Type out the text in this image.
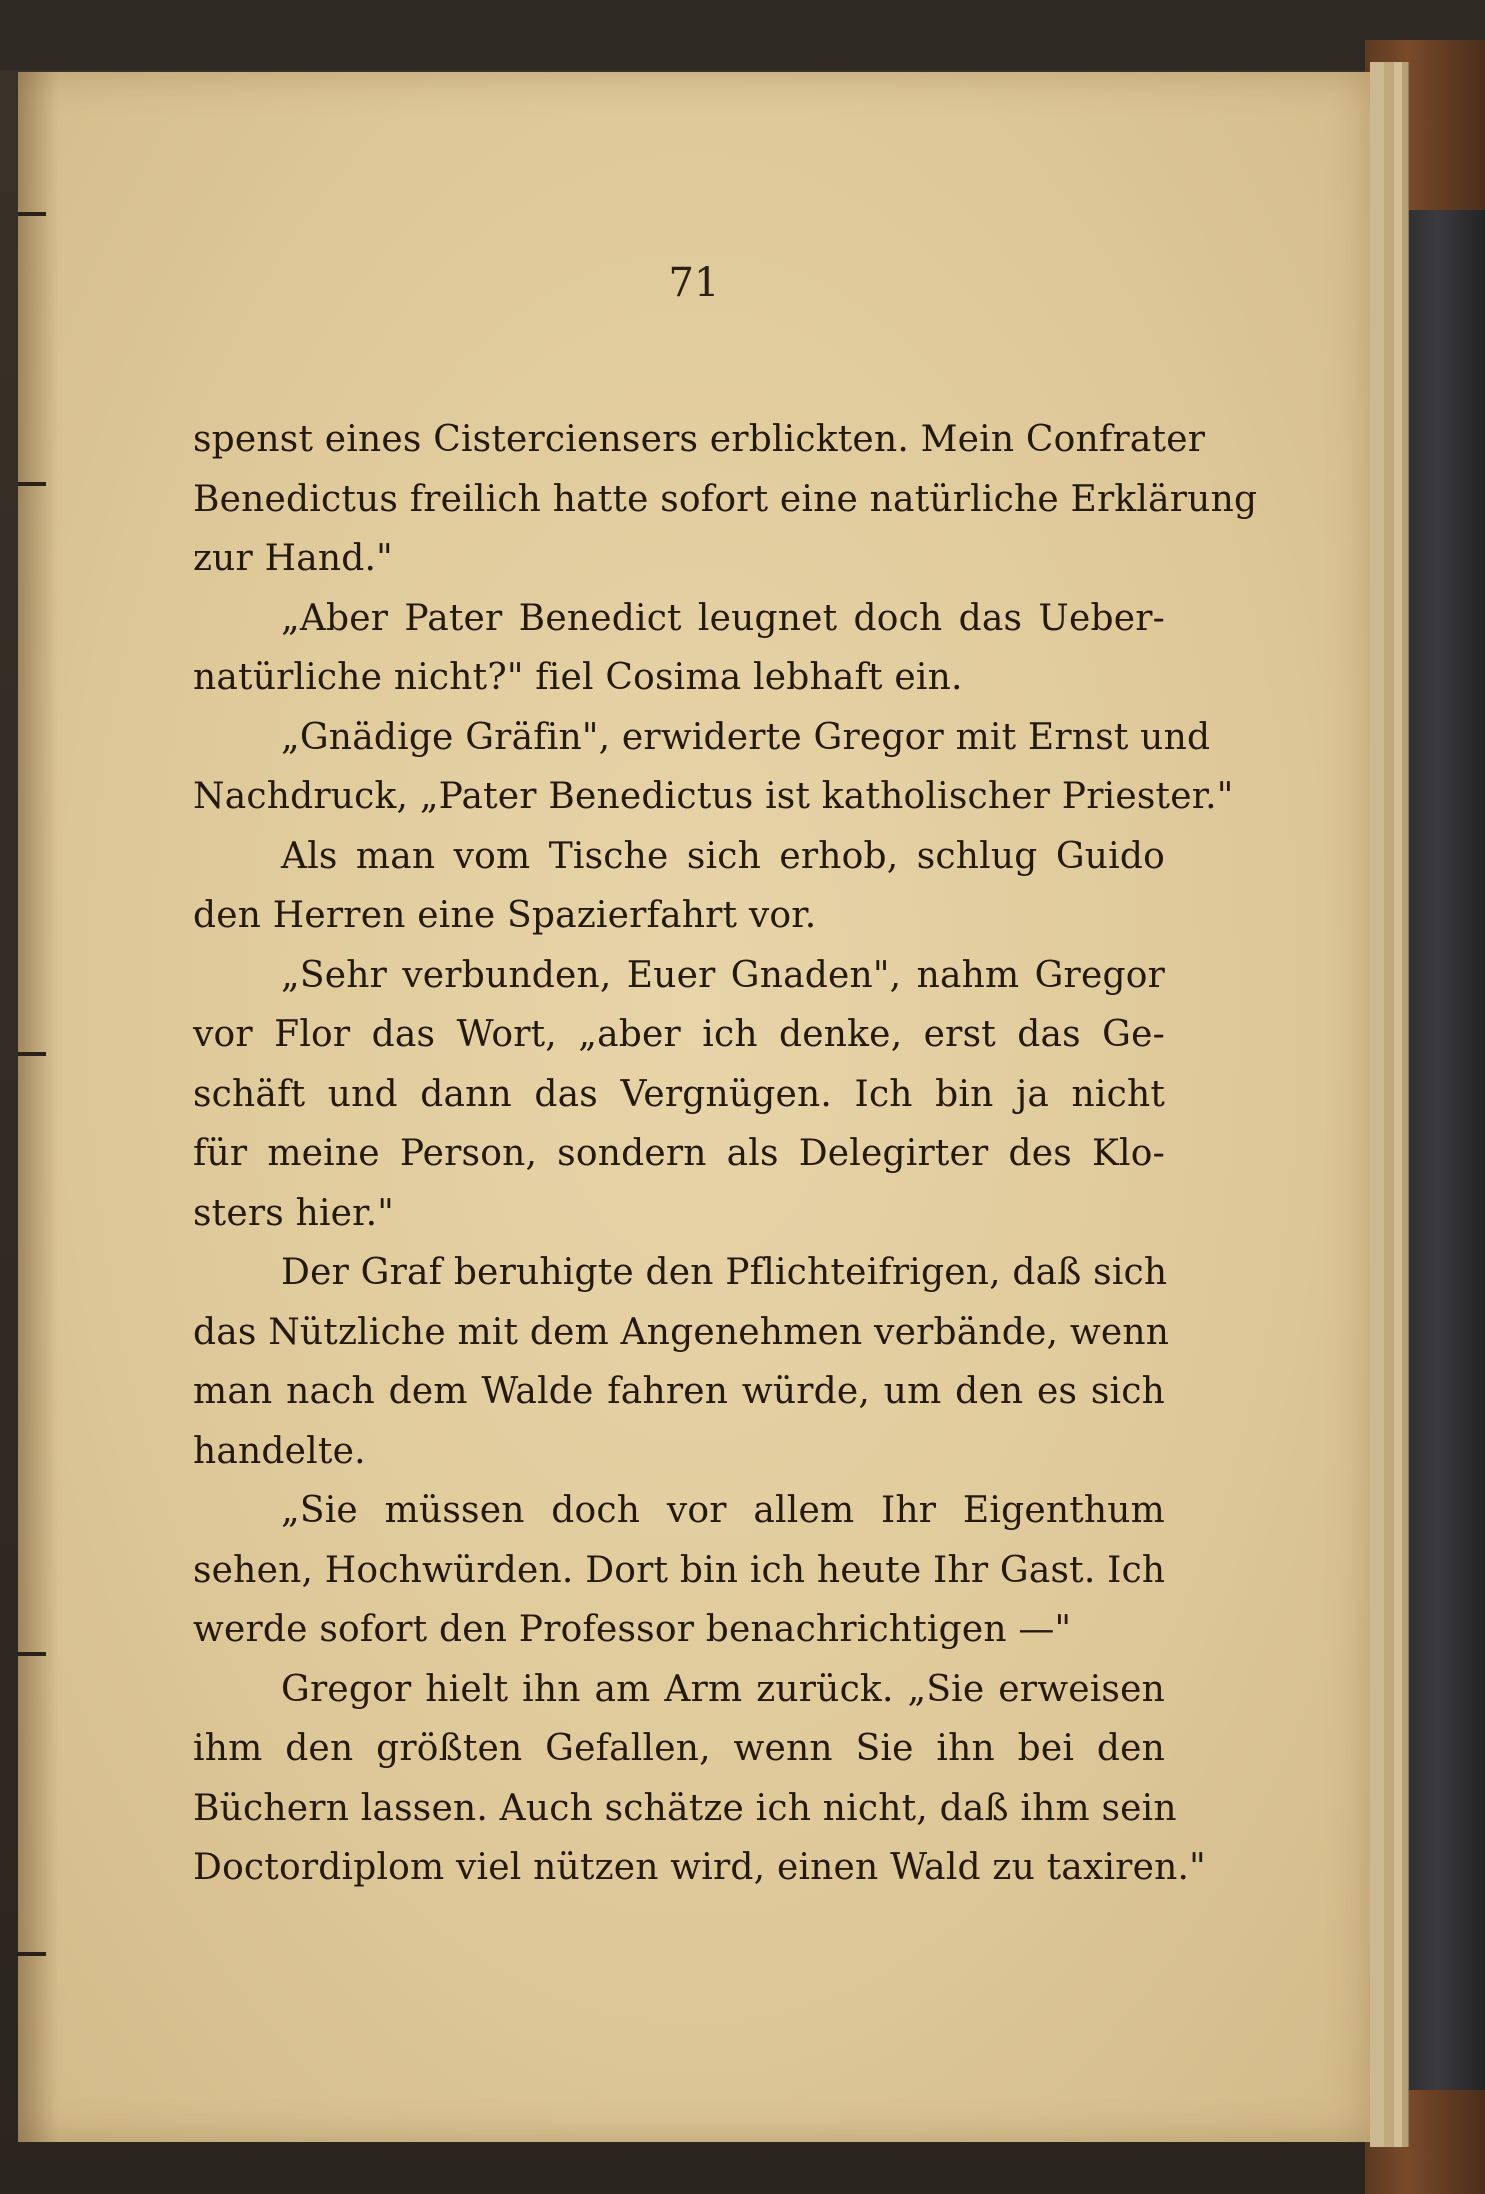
71

spenst eines Cisterciensers erblickten. Mein Confrater
Benedictus freilich hatte sofort eine natürliche Erklärung
zur Hand."
„Aber Pater Benedict leugnet doch das Ueber-
natürliche nicht?" fiel Cosima lebhaft ein.
„Gnädige Gräfin", erwiderte Gregor mit Ernst und
Nachdruck, „Pater Benedictus ist katholischer Priester."
Als man vom Tische sich erhob, schlug Guido
den Herren eine Spazierfahrt vor.
„Sehr verbunden, Euer Gnaden", nahm Gregor
vor Flor das Wort, „aber ich denke, erst das Ge-
schäft und dann das Vergnügen. Ich bin ja nicht
für meine Person, sondern als Delegirter des Klo-
sters hier."
Der Graf beruhigte den Pflichteifrigen, daß sich
das Nützliche mit dem Angenehmen verbände, wenn
man nach dem Walde fahren würde, um den es sich
handelte.
„Sie müssen doch vor allem Ihr Eigenthum
sehen, Hochwürden. Dort bin ich heute Ihr Gast. Ich
werde sofort den Professor benachrichtigen —"
Gregor hielt ihn am Arm zurück. „Sie erweisen
ihm den größten Gefallen, wenn Sie ihn bei den
Büchern lassen. Auch schätze ich nicht, daß ihm sein
Doctordiplom viel nützen wird, einen Wald zu taxiren."
